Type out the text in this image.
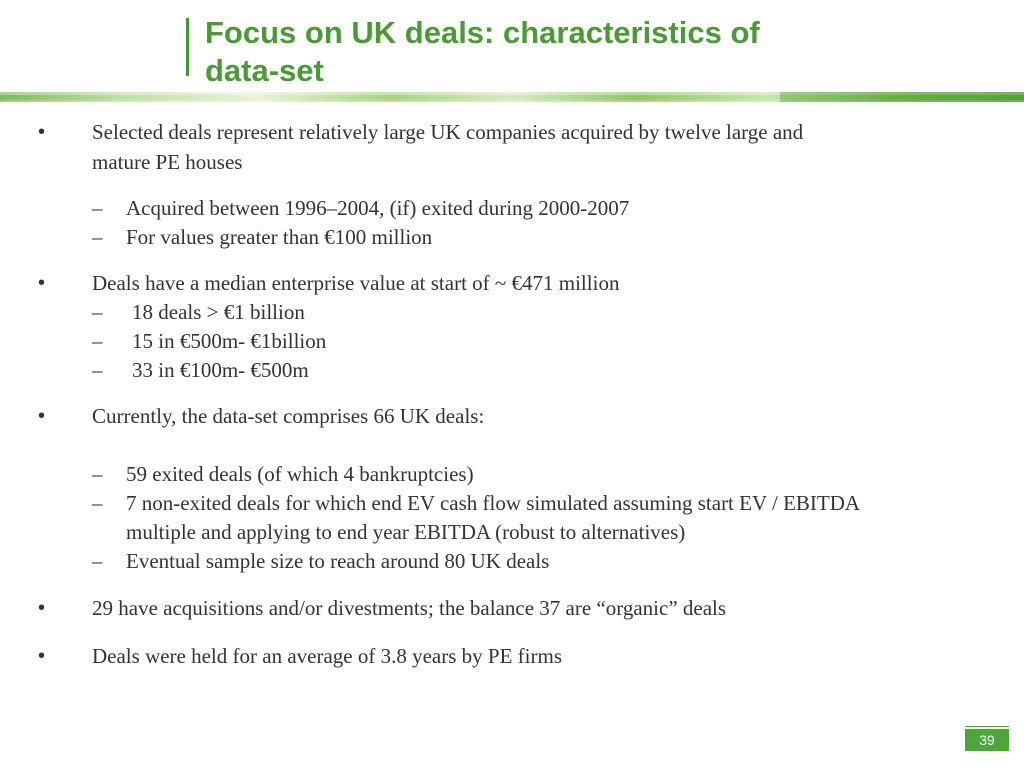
Focus on UK deals: characteristics of
data-set
•	Selected deals represent relatively large UK companies acquired by twelve large and
mature PE houses
– Acquired between 1996–2004, (if) exited during 2000-2007
– For values greater than €100 million
•	Deals have a median enterprise value at start of ~ €471 million
– 18 deals > €1 billion
– 15 in €500m- €1billion
– 33 in €100m- €500m
•	Currently, the data-set comprises 66 UK deals:
– 59 exited deals (of which 4 bankruptcies)
– 7 non-exited deals for which end EV cash flow simulated assuming start EV / EBITDA
multiple and applying to end year EBITDA (robust to alternatives)
– Eventual sample size to reach around 80 UK deals
•	29 have acquisitions and/or divestments; the balance 37 are “organic” deals
•	Deals were held for an average of 3.8 years by PE firms
39
